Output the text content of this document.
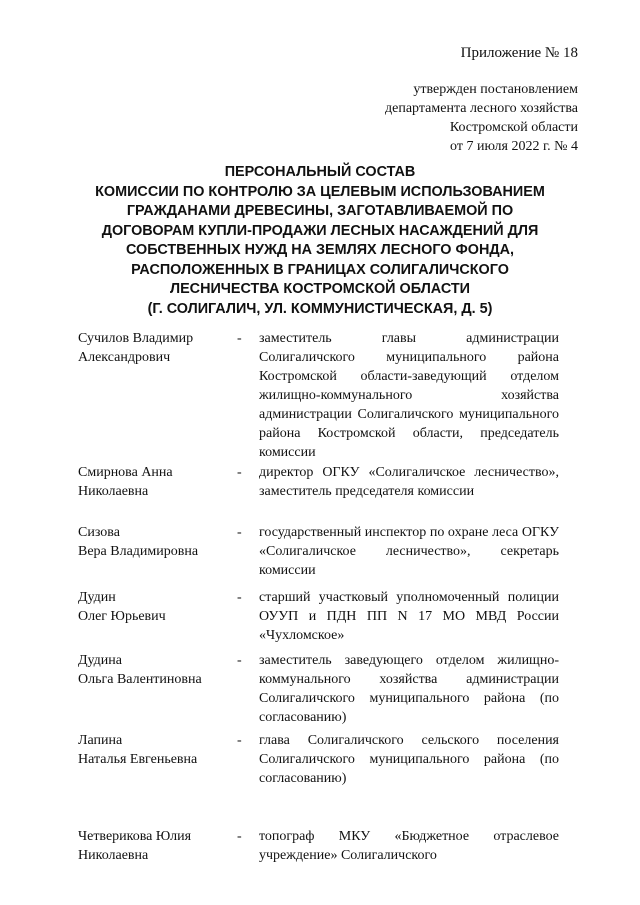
Приложение № 18
утвержден постановлением
департамента лесного хозяйства
Костромской области
от 7 июля 2022 г. № 4
ПЕРСОНАЛЬНЫЙ СОСТАВ
КОМИССИИ ПО КОНТРОЛЮ ЗА ЦЕЛЕВЫМ ИСПОЛЬЗОВАНИЕМ
ГРАЖДАНАМИ ДРЕВЕСИНЫ, ЗАГОТАВЛИВАЕМОЙ ПО
ДОГОВОРАМ КУПЛИ-ПРОДАЖИ ЛЕСНЫХ НАСАЖДЕНИЙ ДЛЯ
СОБСТВЕННЫХ НУЖД НА ЗЕМЛЯХ ЛЕСНОГО ФОНДА,
РАСПОЛОЖЕННЫХ В ГРАНИЦАХ СОЛИГАЛИЧСКОГО
ЛЕСНИЧЕСТВА КОСТРОМСКОЙ ОБЛАСТИ
(Г. СОЛИГАЛИЧ, УЛ. КОММУНИСТИЧЕСКАЯ, Д. 5)
Сучилов Владимир
Александрович
- заместитель главы администрации Солигаличского муниципального района Костромской области-заведующий отделом жилищно-коммунального хозяйства администрации Солигаличского муниципального района Костромской области, председатель комиссии
Смирнова Анна
Николаевна
- директор ОГКУ «Солигаличское лесничество», заместитель председателя комиссии
Сизова
Вера Владимировна
- государственный инспектор по охране леса ОГКУ «Солигаличское лесничество», секретарь комиссии
Дудин
Олег Юрьевич
- старший участковый уполномоченный полиции ОУУП и ПДН ПП N 17 МО МВД России «Чухломское»
Дудина
Ольга Валентиновна
- заместитель заведующего отделом жилищно-коммунального хозяйства администрации Солигаличского муниципального района (по согласованию)
Лапина
Наталья Евгеньевна
- глава Солигаличского сельского поселения Солигаличского муниципального района (по согласованию)
Четверикова Юлия
Николаевна
- топограф МКУ «Бюджетное отраслевое учреждение» Солигаличского
